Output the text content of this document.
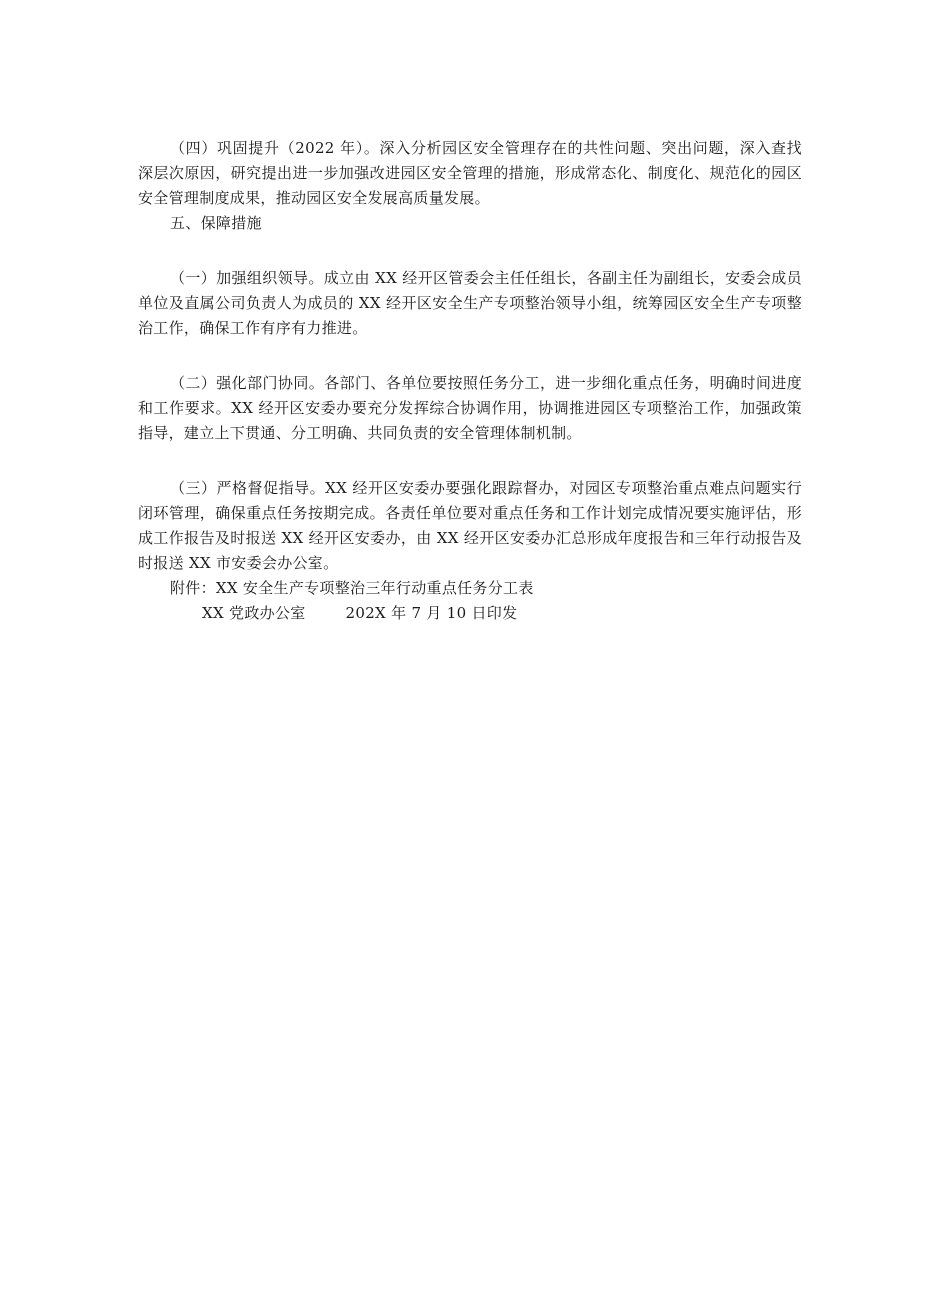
（四）巩固提升（2022 年）。深入分析园区安全管理存在的共性问题、突出问题，深入查找深层次原因，研究提出进一步加强改进园区安全管理的措施，形成常态化、制度化、规范化的园区安全管理制度成果，推动园区安全发展高质量发展。

五、保障措施

（一）加强组织领导。成立由 XX 经开区管委会主任任组长，各副主任为副组长，安委会成员单位及直属公司负责人为成员的 XX 经开区安全生产专项整治领导小组，统筹园区安全生产专项整治工作，确保工作有序有力推进。

（二）强化部门协同。各部门、各单位要按照任务分工，进一步细化重点任务，明确时间进度和工作要求。XX 经开区安委办要充分发挥综合协调作用，协调推进园区专项整治工作，加强政策指导，建立上下贯通、分工明确、共同负责的安全管理体制机制。

（三）严格督促指导。XX 经开区安委办要强化跟踪督办，对园区专项整治重点难点问题实行闭环管理，确保重点任务按期完成。各责任单位要对重点任务和工作计划完成情况要实施评估，形成工作报告及时报送 XX 经开区安委办，由 XX 经开区安委办汇总形成年度报告和三年行动报告及时报送 XX 市安委会办公室。

附件：XX 安全生产专项整治三年行动重点任务分工表

XX 党政办公室	202X 年 7 月 10 日印发
